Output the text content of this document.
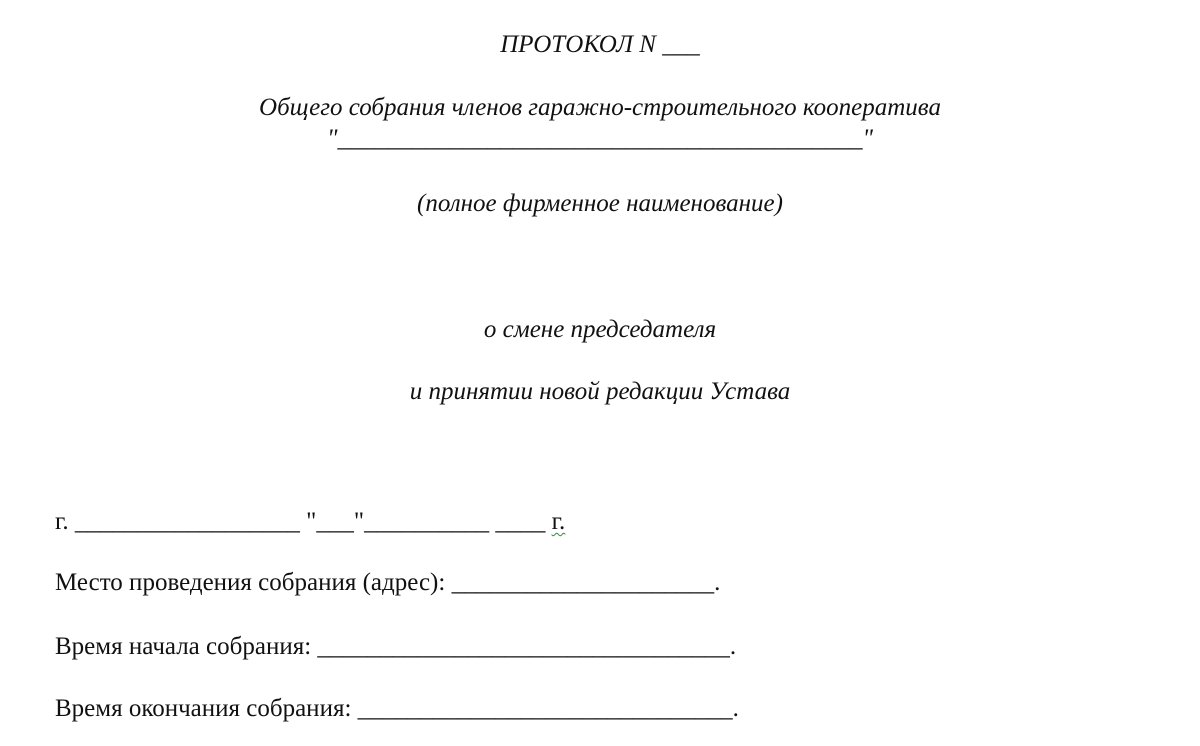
ПРОТОКОЛ N ___
Общего собрания членов гаражно-строительного кооператива
"__________________________________________"
(полное фирменное наименование)
о смене председателя
и принятии новой редакции Устава
г. __________________ "___"__________ ____ г.
Место проведения собрания (адрес): _____________________.
Время начала собрания: _________________________________.
Время окончания собрания: ______________________________.
